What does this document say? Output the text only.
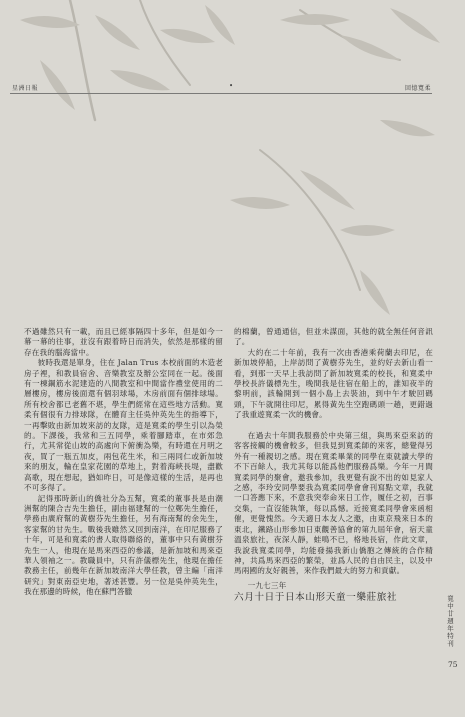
星洲日報	•	回憶寬柔

不過雖然只有一載，而且已經事隔四十多年，但是如今一幕一幕的往事，並沒有跟着時日而消失，依然是那樣的留存在我的腦海當中。

彼時我還是單身，住在 Jalan Trus 本校前面的木造老房子裡，和教員宿舍、音樂教室及辦公室同在一起。後面有一棟鋼筋水泥建造的八間教室和中間當作禮堂使用的二層樓房，樓房後面還有個羽球場，木房前面有個排球場。所有校舍都已老舊不堪，學生們經常在這些地方活動。寬柔有個很有力排球隊，在體育主任吳仲英先生的指導下，一再擊敗由新加坡來訪的友隊，這是寬柔的學生引以為榮的。下課後，我常和三五同學，乘着腳踏車，在市郊急行，尤其常從山坡的高處向下俯衝為樂，有時還在月明之夜，買了一瓶五加皮，兩包花生米，和三兩同仁或新加坡來的朋友，輪在皇家花園的草地上，對着海峽長堤，盡歡高歌，現在想起，猶如昨日，可是像這樣的生活，是再也不可多得了。

記得那時新山的僑社分為五幫，寬柔的董事長是由潮洲幫的陳合吉先生擔任，副由福建幫的一位鄭先生擔任，學務由廣府幫的黃樹芬先生擔任，另有海南幫的余先生，客家幫的甘先生。戰後我雖然又回到南洋，在印尼服務了十年，可是和寬柔的書人取得聯絡的，董事中只有黃樹芬先生一人，他現在是馬來西亞的參議，是新加坡和馬來亞華人領袖之一。教職員中，只有許儀標先生，他現在擔任教務主任，前幾年在新加坡南洋大學任教，曾主編「南洋研究」對東南亞史地，著述甚豐。另一位是吳仲英先生，我在那邊的時候，他在蘇門答臘

的棉蘭，曾通通信，但並未謀面，其他的就全無任何音訊了。

大約在二十年前，我有一次由香港乘荷蘭去印尼，在新加坡停船，上岸訪問了黃樹芬先生，並約好去新山看一看，到那一天早上我訪問了新加坡寬柔的校長，和寬柔中學校長許儀標先生，晚間我是住宿在船上的，誰知夜半的黎明前，該輪開到一個小島上去裝油，到中午才駛回碼頭，下午就開往印尼，累得黃先生空跑碼頭一趟，更錯過了我重遊寬柔一次的機會。

在過去十年間我服務於中央第三組，與馬來亞來訪的客客接觸的機會較多，但我見到寬柔師的來客，總覺得另外有一種親切之感。現在寬柔畢業的同學在東就讀大學的不下百餘人，我尤其每以能爲他們服務爲樂。今年一月間寬柔同學的聚會，邀我參加，我更覺有說不出的如見家人之感，李玲安同學要我為寬柔同學會會刊寫點文章，我就一口答應下來，不意我突奉命來日工作，履任之初，百事交集，一直沒能執筆，每以爲憾。近接寬柔同學會來函相催，更覺愧然。今天適日本友人之邀，由東京飛來日本的東北，鐵路山形參加日東觀善協會的第九屆年會，宿天童溫泉旅社，夜深人靜，蛙鳴不已，格地長宿，作此文章，我說我寬柔同學，均能發揚我新山僑胞之傳統的合作精神，共爲馬來西亞的繁榮，並爲人民的自由民主，以及中馬兩國的友好親善，來作我們最大的努力和貢獻。

一九七三年

六月十日于日本山形天童一樂莊旅社	寬中廿週年特刊
75
